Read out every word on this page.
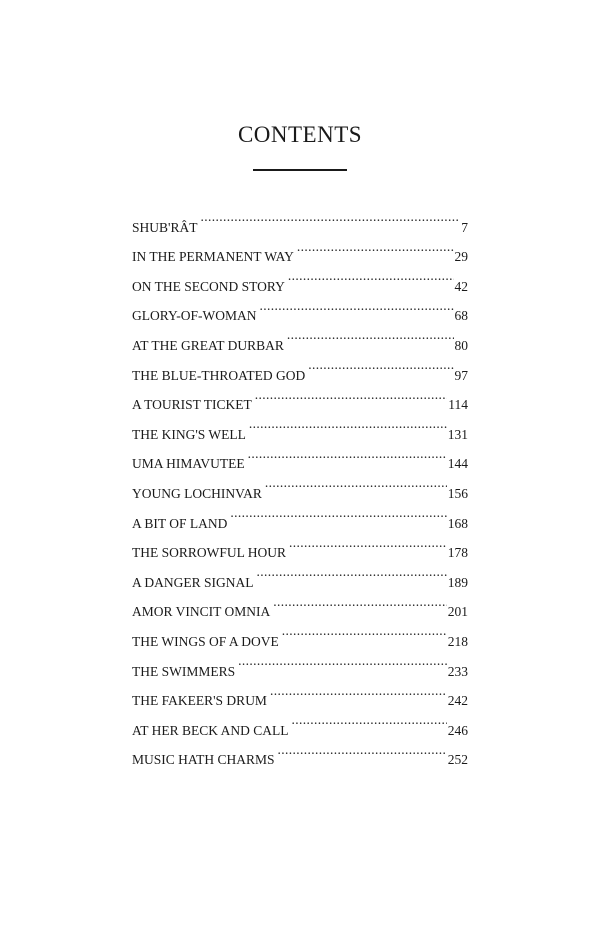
CONTENTS
SHUB'RÂT . . .	7
IN THE PERMANENT WAY . . .	29
ON THE SECOND STORY . . .	42
GLORY-OF-WOMAN . . .	68
AT THE GREAT DURBAR . . .	80
THE BLUE-THROATED GOD . . .	97
A TOURIST TICKET . . .	114
THE KING'S WELL . . .	131
UMA HIMAVUTEE . . .	144
YOUNG LOCHINVAR . . .	156
A BIT OF LAND . . .	168
THE SORROWFUL HOUR . . .	178
A DANGER SIGNAL . . .	189
AMOR VINCIT OMNIA . . .	201
THE WINGS OF A DOVE . . .	218
THE SWIMMERS . . .	233
THE FAKEER'S DRUM . . .	242
AT HER BECK AND CALL . . .	246
MUSIC HATH CHARMS . . .	252
